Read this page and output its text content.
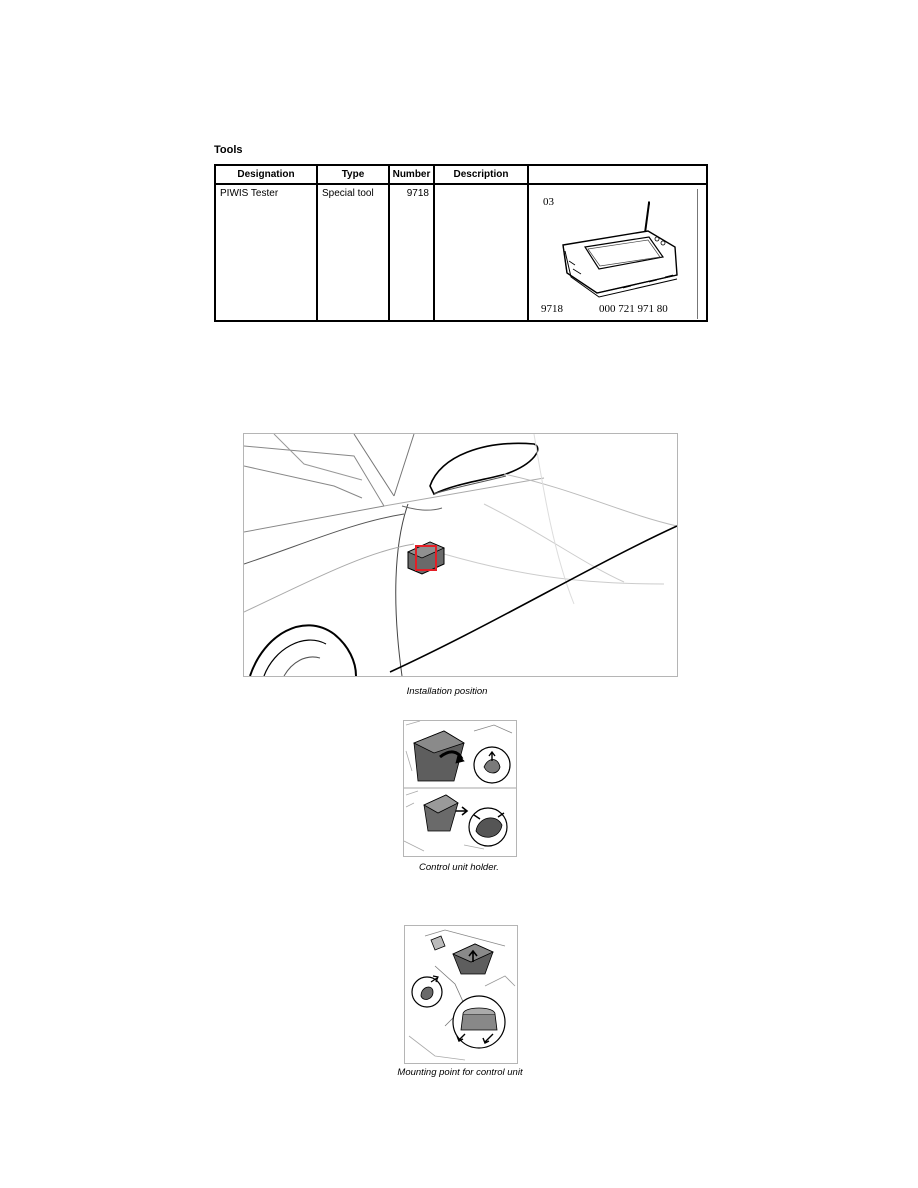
Tools
Designation	Type	Number	Description	
PIWIS Tester	Special tool	9718		03
9718 000 721 971 80
Installation position
Control unit holder.
Mounting point for control unit
